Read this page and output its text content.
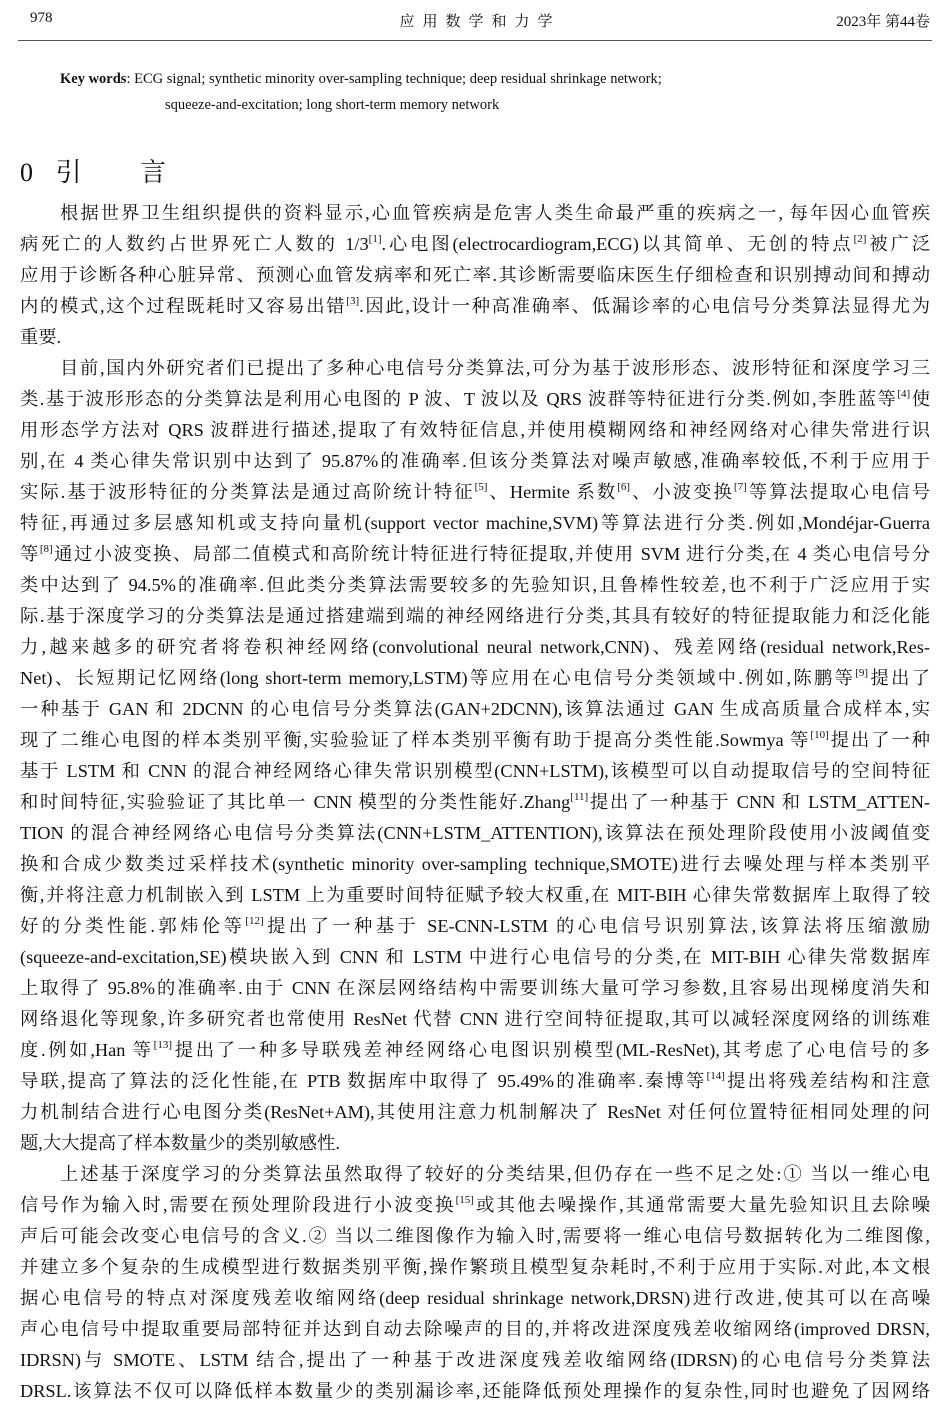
978	应用数学和力学	2023年 第44卷
Key words: ECG signal; synthetic minority over-sampling technique; deep residual shrinkage network;
squeeze-and-excitation; long short-term memory network
0 引 言
根据世界卫生组织提供的资料显示,心血管疾病是危害人类生命最严重的疾病之一, 每年因心血管疾
病死亡的人数约占世界死亡人数的 1/3[1].心电图(electrocardiogram,ECG)以其简单、无创的特点[2]被广泛
应用于诊断各种心脏异常、预测心血管发病率和死亡率.其诊断需要临床医生仔细检查和识别搏动间和搏动
内的模式,这个过程既耗时又容易出错[3].因此,设计一种高准确率、低漏诊率的心电信号分类算法显得尤为
重要.
目前,国内外研究者们已提出了多种心电信号分类算法,可分为基于波形形态、波形特征和深度学习三
类.基于波形形态的分类算法是利用心电图的 P 波、T 波以及 QRS 波群等特征进行分类.例如,李胜蓝等[4]使
用形态学方法对 QRS 波群进行描述,提取了有效特征信息,并使用模糊网络和神经网络对心律失常进行识
别,在 4 类心律失常识别中达到了 95.87%的准确率.但该分类算法对噪声敏感,准确率较低,不利于应用于
实际.基于波形特征的分类算法是通过高阶统计特征[5]、Hermite 系数[6]、小波变换[7]等算法提取心电信号
特征,再通过多层感知机或支持向量机(support vector machine,SVM)等算法进行分类.例如,Mondéjar-Guerra
等[8]通过小波变换、局部二值模式和高阶统计特征进行特征提取,并使用 SVM 进行分类,在 4 类心电信号分
类中达到了 94.5%的准确率.但此类分类算法需要较多的先验知识,且鲁棒性较差,也不利于广泛应用于实
际.基于深度学习的分类算法是通过搭建端到端的神经网络进行分类,其具有较好的特征提取能力和泛化能
力,越来越多的研究者将卷积神经网络(convolutional neural network,CNN)、残差网络(residual network,Res-
Net)、长短期记忆网络(long short-term memory,LSTM)等应用在心电信号分类领域中.例如,陈鹏等[9]提出了
一种基于 GAN 和 2DCNN 的心电信号分类算法(GAN+2DCNN),该算法通过 GAN 生成高质量合成样本,实
现了二维心电图的样本类别平衡,实验验证了样本类别平衡有助于提高分类性能.Sowmya 等[10]提出了一种
基于 LSTM 和 CNN 的混合神经网络心律失常识别模型(CNN+LSTM),该模型可以自动提取信号的空间特征
和时间特征,实验验证了其比单一 CNN 模型的分类性能好.Zhang[11]提出了一种基于 CNN 和 LSTM_ATTEN-
TION 的混合神经网络心电信号分类算法(CNN+LSTM_ATTENTION),该算法在预处理阶段使用小波阈值变
换和合成少数类过采样技术(synthetic minority over-sampling technique,SMOTE)进行去噪处理与样本类别平
衡,并将注意力机制嵌入到 LSTM 上为重要时间特征赋予较大权重,在 MIT-BIH 心律失常数据库上取得了较
好的分类性能.郭炜伦等[12]提出了一种基于 SE-CNN-LSTM 的心电信号识别算法,该算法将压缩激励
(squeeze-and-excitation,SE)模块嵌入到 CNN 和 LSTM 中进行心电信号的分类,在 MIT-BIH 心律失常数据库
上取得了 95.8%的准确率.由于 CNN 在深层网络结构中需要训练大量可学习参数,且容易出现梯度消失和
网络退化等现象,许多研究者也常使用 ResNet 代替 CNN 进行空间特征提取,其可以减轻深度网络的训练难
度.例如,Han 等[13]提出了一种多导联残差神经网络心电图识别模型(ML-ResNet),其考虑了心电信号的多
导联,提高了算法的泛化性能,在 PTB 数据库中取得了 95.49%的准确率.秦博等[14]提出将残差结构和注意
力机制结合进行心电图分类(ResNet+AM),其使用注意力机制解决了 ResNet 对任何位置特征相同处理的问
题,大大提高了样本数量少的类别敏感性.
上述基于深度学习的分类算法虽然取得了较好的分类结果,但仍存在一些不足之处:① 当以一维心电
信号作为输入时,需要在预处理阶段进行小波变换[15]或其他去噪操作,其通常需要大量先验知识且去除噪
声后可能会改变心电信号的含义.② 当以二维图像作为输入时,需要将一维心电信号数据转化为二维图像,
并建立多个复杂的生成模型进行数据类别平衡,操作繁琐且模型复杂耗时,不利于应用于实际.对此,本文根
据心电信号的特点对深度残差收缩网络(deep residual shrinkage network,DRSN)进行改进,使其可以在高噪
声心电信号中提取重要局部特征并达到自动去除噪声的目的,并将改进深度残差收缩网络(improved DRSN,
IDRSN)与 SMOTE、LSTM 结合,提出了一种基于改进深度残差收缩网络(IDRSN)的心电信号分类算法
DRSL.该算法不仅可以降低样本数量少的类别漏诊率,还能降低预处理操作的复杂性,同时也避免了因网络
